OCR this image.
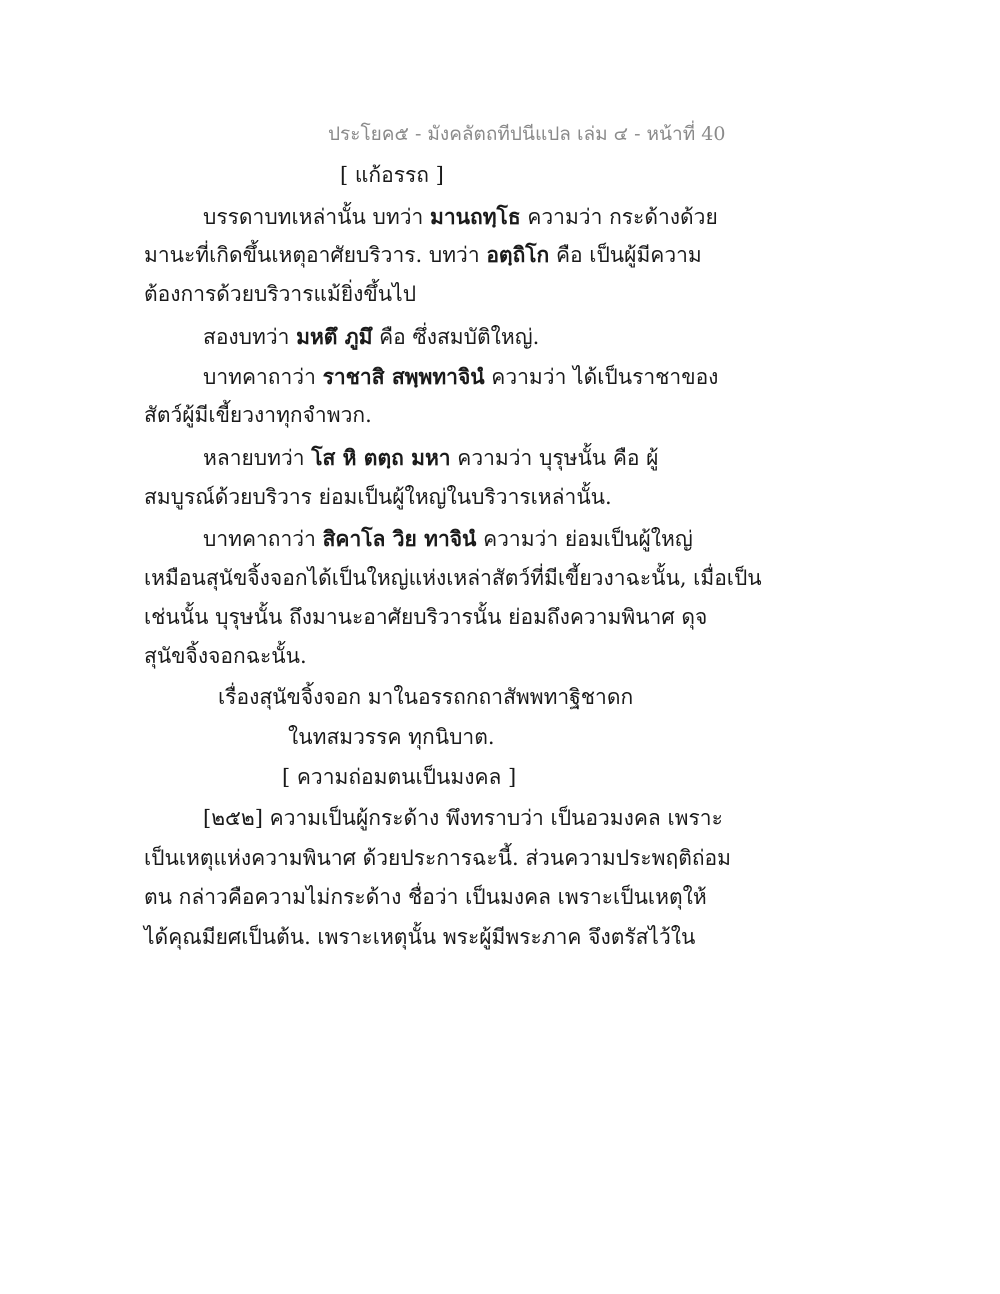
ประโยค๕ - มังคลัตถทีปนีแปล เล่ม ๔ - หน้าที่ 40
[ แก้อรรถ ]
บรรดาบทเหล่านั้น บทว่า มานถทฺโธ ความว่า กระด้างด้วย
มานะที่เกิดขึ้นเหตุอาศัยบริวาร. บทว่า อตฺถิโก คือ เป็นผู้มีความ
ต้องการด้วยบริวารแม้ยิ่งขึ้นไป
สองบทว่า มหตึ ภูมึ คือ ซึ่งสมบัติใหญ่.
บาทคาถาว่า ราชาสิ สพฺพทาจินํ ความว่า ได้เป็นราชาของ
สัตว์ผู้มีเขี้ยวงาทุกจำพวก.
หลายบทว่า โส หิ ตตฺถ มหา ความว่า บุรุษนั้น คือ ผู้
สมบูรณ์ด้วยบริวาร ย่อมเป็นผู้ใหญ่ในบริวารเหล่านั้น.
บาทคาถาว่า สิคาโล วิย ทาจินํ ความว่า ย่อมเป็นผู้ใหญ่
เหมือนสุนัขจิ้งจอกได้เป็นใหญ่แห่งเหล่าสัตว์ที่มีเขี้ยวงาฉะนั้น, เมื่อเป็น
เช่นนั้น บุรุษนั้น ถึงมานะอาศัยบริวารนั้น ย่อมถึงความพินาศ ดุจ
สุนัขจิ้งจอกฉะนั้น.
เรื่องสุนัขจิ้งจอก มาในอรรถกถาสัพพทาฐิชาดก
ในทสมวรรค ทุกนิบาต.
[ ความถ่อมตนเป็นมงคล ]
[๒๕๒] ความเป็นผู้กระด้าง พึงทราบว่า เป็นอวมงคล เพราะ
เป็นเหตุแห่งความพินาศ ด้วยประการฉะนี้. ส่วนความประพฤติถ่อม
ตน กล่าวคือความไม่กระด้าง ชื่อว่า เป็นมงคล เพราะเป็นเหตุให้
ได้คุณมียศเป็นต้น. เพราะเหตุนั้น พระผู้มีพระภาค จึงตรัสไว้ใน
